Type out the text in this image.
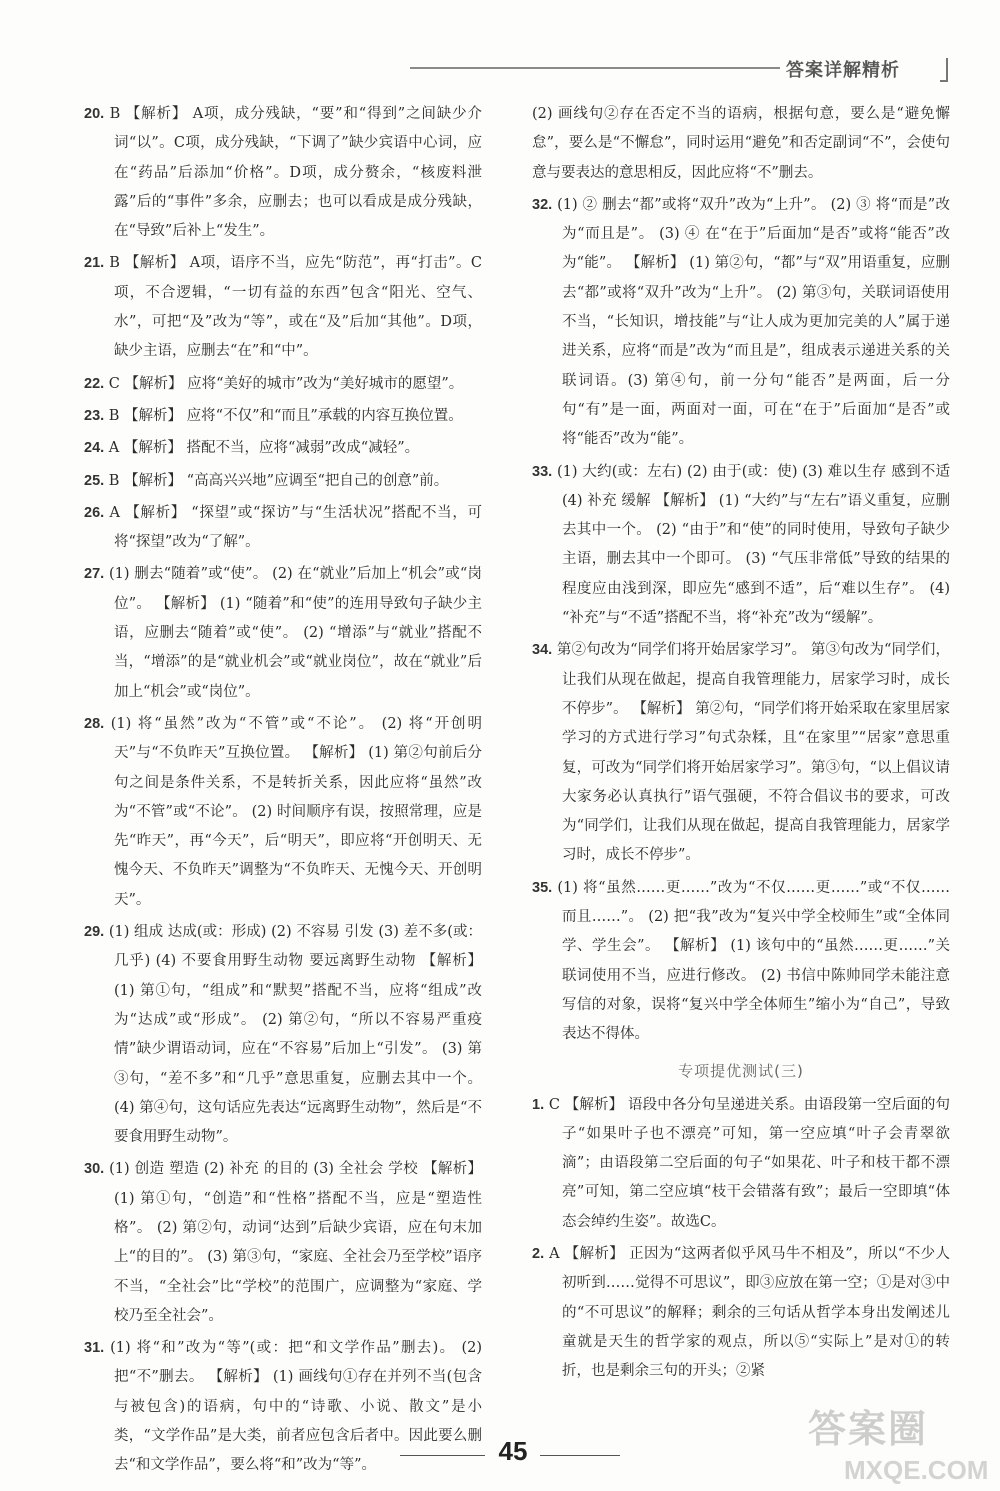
答案详解精析
20. B 【解析】 A项，成分残缺，“要”和“得到”之间缺少介词“以”。C项，成分残缺，“下调了”缺少宾语中心词，应在“药品”后添加“价格”。D项，成分赘余，“核废料泄露”后的“事件”多余，应删去；也可以看成是成分残缺，在“导致”后补上“发生”。
21. B 【解析】 A项，语序不当，应先“防范”，再“打击”。C项，不合逻辑，“一切有益的东西”包含“阳光、空气、水”，可把“及”改为“等”，或在“及”后加“其他”。D项，缺少主语，应删去“在”和“中”。
22. C 【解析】 应将“美好的城市”改为“美好城市的愿望”。
23. B 【解析】 应将“不仅”和“而且”承载的内容互换位置。
24. A 【解析】 搭配不当，应将“减弱”改成“减轻”。
25. B 【解析】 “高高兴兴地”应调至“把自己的创意”前。
26. A 【解析】 “探望”或“探访”与“生活状况”搭配不当，可将“探望”改为“了解”。
27. (1) 删去“随着”或“使”。 (2) 在“就业”后加上“机会”或“岗位”。 【解析】 (1) “随着”和“使”的连用导致句子缺少主语，应删去“随着”或“使”。 (2) “增添”与“就业”搭配不当，“增添”的是“就业机会”或“就业岗位”，故在“就业”后加上“机会”或“岗位”。
28. (1) 将“虽然”改为“不管”或“不论”。 (2) 将“开创明天”与“不负昨天”互换位置。 【解析】 (1) 第②句前后分句之间是条件关系，不是转折关系，因此应将“虽然”改为“不管”或“不论”。 (2) 时间顺序有误，按照常理，应是先“昨天”，再“今天”，后“明天”，即应将“开创明天、无愧今天、不负昨天”调整为“不负昨天、无愧今天、开创明天”。
29. (1) 组成 达成(或：形成) (2) 不容易 引发 (3) 差不多(或：几乎) (4) 不要食用野生动物 要远离野生动物 【解析】 (1) 第①句，“组成”和“默契”搭配不当，应将“组成”改为“达成”或“形成”。 (2) 第②句，“所以不容易严重疫情”缺少谓语动词，应在“不容易”后加上“引发”。 (3) 第③句，“差不多”和“几乎”意思重复，应删去其中一个。 (4) 第④句，这句话应先表达“远离野生动物”，然后是“不要食用野生动物”。
30. (1) 创造 塑造 (2) 补充 的目的 (3) 全社会 学校 【解析】 (1) 第①句，“创造”和“性格”搭配不当，应是“塑造性格”。 (2) 第②句，动词“达到”后缺少宾语，应在句末加上“的目的”。 (3) 第③句，“家庭、全社会乃至学校”语序不当，“全社会”比“学校”的范围广，应调整为“家庭、学校乃至全社会”。
31. (1) 将“和”改为“等”(或：把“和文学作品”删去)。 (2) 把“不”删去。 【解析】 (1) 画线句①存在并列不当(包含与被包含)的语病，句中的“诗歌、小说、散文”是小类，“文学作品”是大类，前者应包含后者中。因此要么删去“和文学作品”，要么将“和”改为“等”。
(2) 画线句②存在否定不当的语病，根据句意，要么是“避免懈怠”，要么是“不懈怠”，同时运用“避免”和否定副词“不”，会使句意与要表达的意思相反，因此应将“不”删去。
32. (1) ② 删去“都”或将“双升”改为“上升”。 (2) ③ 将“而是”改为“而且是”。 (3) ④ 在“在于”后面加“是否”或将“能否”改为“能”。 【解析】 (1) 第②句，“都”与“双”用语重复，应删去“都”或将“双升”改为“上升”。 (2) 第③句，关联词语使用不当，“长知识，增技能”与“让人成为更加完美的人”属于递进关系，应将“而是”改为“而且是”，组成表示递进关系的关联词语。(3) 第④句，前一分句“能否”是两面，后一分句“有”是一面，两面对一面，可在“在于”后面加“是否”或将“能否”改为“能”。
33. (1) 大约(或：左右) (2) 由于(或：使) (3) 难以生存 感到不适 (4) 补充 缓解 【解析】 (1) “大约”与“左右”语义重复，应删去其中一个。 (2) “由于”和“使”的同时使用，导致句子缺少主语，删去其中一个即可。 (3) “气压非常低”导致的结果的程度应由浅到深，即应先“感到不适”，后“难以生存”。 (4) “补充”与“不适”搭配不当，将“补充”改为“缓解”。
34. 第②句改为“同学们将开始居家学习”。 第③句改为“同学们，让我们从现在做起，提高自我管理能力，居家学习时，成长不停步”。 【解析】 第②句，“同学们将开始采取在家里居家学习的方式进行学习”句式杂糅，且“在家里”“居家”意思重复，可改为“同学们将开始居家学习”。第③句，“以上倡议请大家务必认真执行”语气强硬，不符合倡议书的要求，可改为“同学们，让我们从现在做起，提高自我管理能力，居家学习时，成长不停步”。
35. (1) 将“虽然……更……”改为“不仅……更……”或“不仅……而且……”。 (2) 把“我”改为“复兴中学全校师生”或“全体同学、学生会”。 【解析】 (1) 该句中的“虽然……更……”关联词使用不当，应进行修改。 (2) 书信中陈帅同学未能注意写信的对象，误将“复兴中学全体师生”缩小为“自己”，导致表达不得体。
专项提优测试(三)
1. C 【解析】 语段中各分句呈递进关系。由语段第一空后面的句子“如果叶子也不漂亮”可知，第一空应填“叶子会青翠欲滴”；由语段第二空后面的句子“如果花、叶子和枝干都不漂亮”可知，第二空应填“枝干会错落有致”；最后一空即填“体态会绰约生姿”。故选C。
2. A 【解析】 正因为“这两者似乎风马牛不相及”，所以“不少人初听到……觉得不可思议”，即③应放在第一空；①是对③中的“不可思议”的解释；剩余的三句话从哲学本身出发阐述儿童就是天生的哲学家的观点，所以⑤“实际上”是对①的转折，也是剩余三句的开头；②紧
45	答案圈
MXQE.COM
